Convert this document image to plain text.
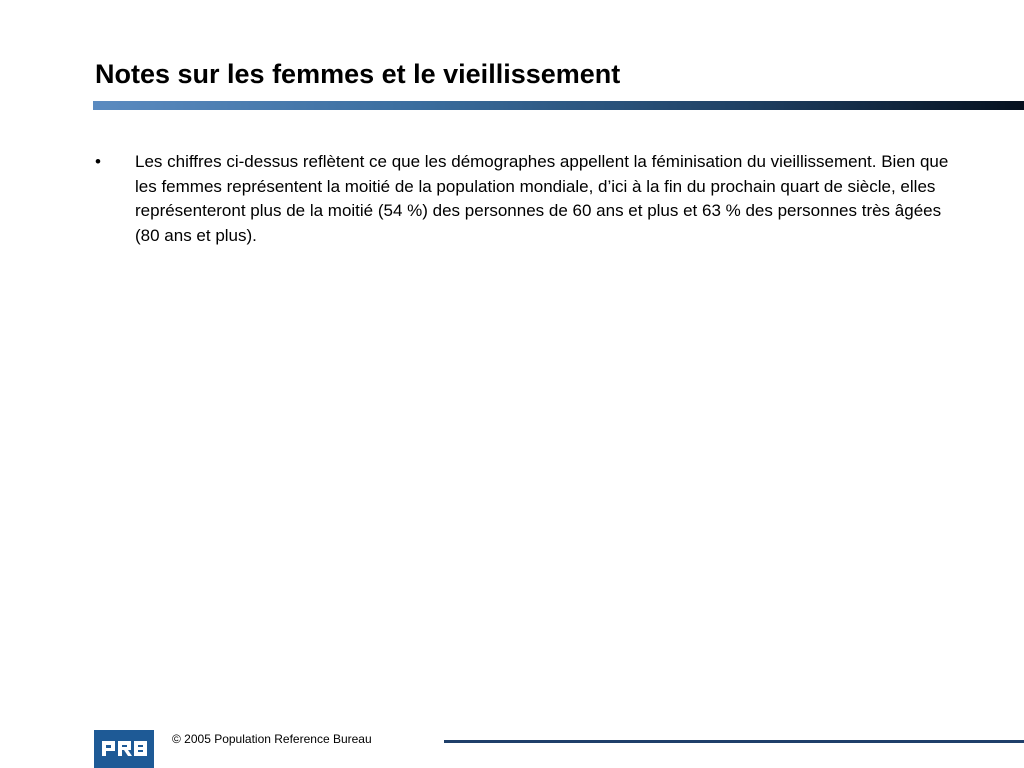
Notes sur les femmes et le vieillissement
• Les chiffres ci-dessus reflètent ce que les démographes appellent la féminisation du vieillissement. Bien que les femmes représentent la moitié de la population mondiale, d’ici à la fin du prochain quart de siècle, elles représenteront plus de la moitié (54 %) des personnes de 60 ans et plus et 63 % des personnes très âgées (80 ans et plus).
© 2005 Population Reference Bureau
